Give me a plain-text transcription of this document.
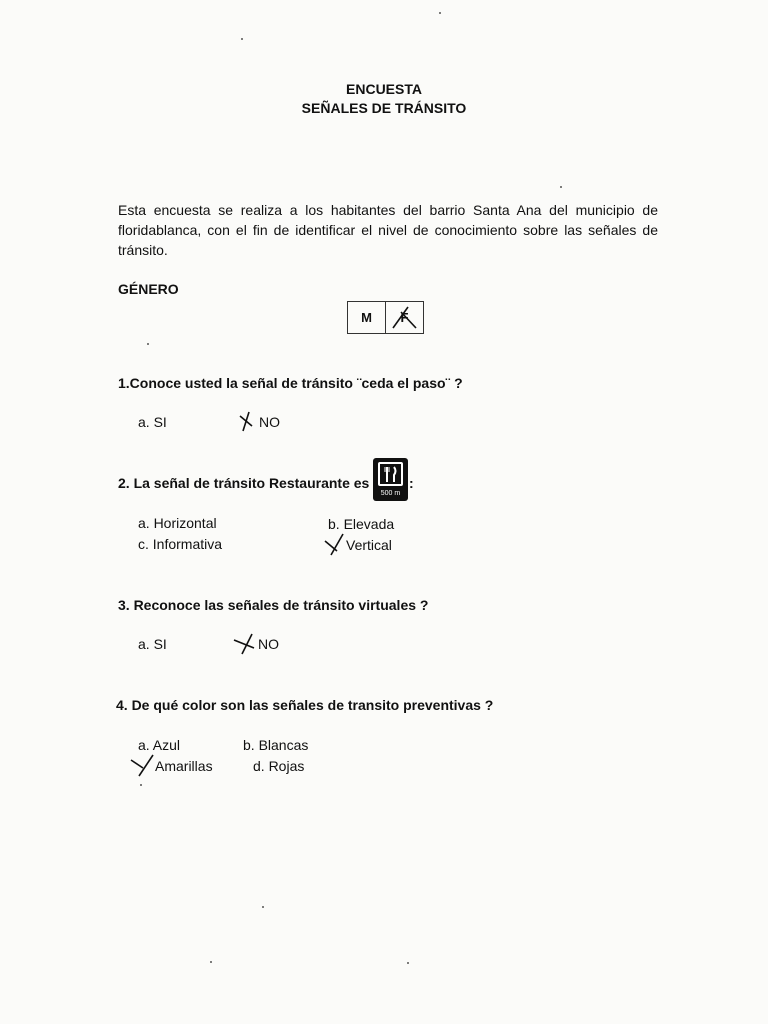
ENCUESTA
SEÑALES DE TRÁNSITO
Esta encuesta se realiza a los habitantes del barrio Santa Ana del municipio de floridablanca, con el fin de identificar el nivel de conocimiento sobre las señales de tránsito.
GÉNERO
M	F
1.Conoce usted la señal de tránsito ¨ceda el paso¨ ?
a. SI	NO
2. La señal de tránsito Restaurante es
500 m
:
a. Horizontal	b. Elevada
c. Informativa	Vertical
3. Reconoce las señales de tránsito virtuales ?
a. SI	NO
4. De qué color son las señales de transito preventivas ?
a. Azul	b. Blancas
Amarillas	d. Rojas
